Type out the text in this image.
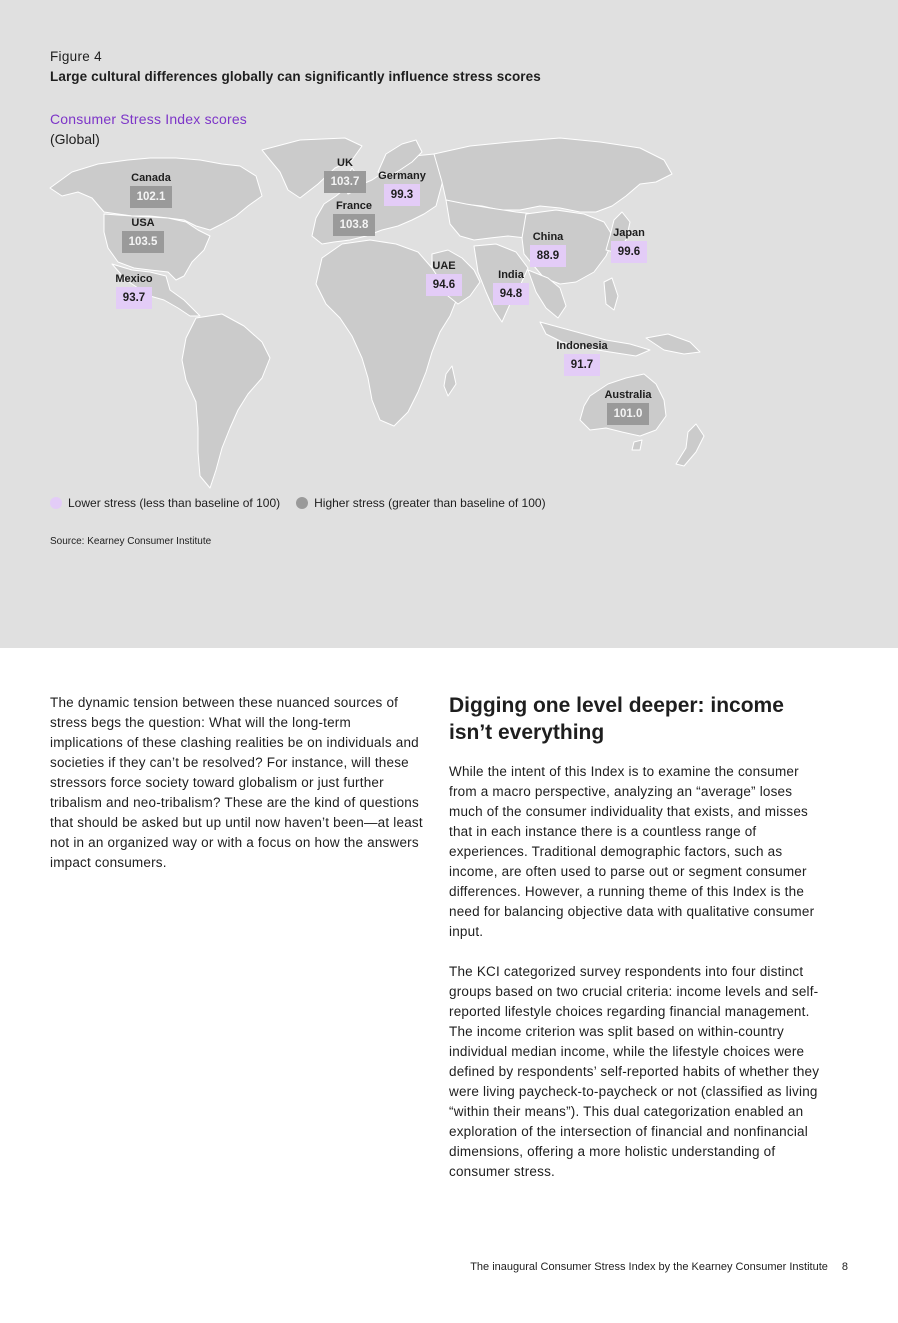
Figure 4
Large cultural differences globally can significantly influence stress scores
Consumer Stress Index scores
(Global)
Canada
102.1
USA
103.5
Mexico
93.7
UK
103.7
France
103.8
Germany
99.3
UAE
94.6
India
94.8
China
88.9
Japan
99.6
Indonesia
91.7
Australia
101.0
Lower stress (less than baseline of 100)	Higher stress (greater than baseline of 100)
Source: Kearney Consumer Institute
The dynamic tension between these nuanced sources of stress begs the question: What will the long-term implications of these clashing realities be on individuals and societies if they can’t be resolved? For instance, will these stressors force society toward globalism or just further tribalism and neo-tribalism? These are the kind of questions that should be asked but up until now haven’t been—at least not in an organized way or with a focus on how the answers impact consumers.
Digging one level deeper: income isn’t everything

While the intent of this Index is to examine the consumer from a macro perspective, analyzing an “average” loses much of the consumer individuality that exists, and misses that in each instance there is a countless range of experiences. Traditional demographic factors, such as income, are often used to parse out or segment consumer differences. However, a running theme of this Index is the need for balancing objective data with qualitative consumer input.

The KCI categorized survey respondents into four distinct groups based on two crucial criteria: income levels and self-reported lifestyle choices regarding financial management. The income criterion was split based on within-country individual median income, while the lifestyle choices were defined by respondents’ self-reported habits of whether they were living paycheck-to-paycheck or not (classified as living “within their means”). This dual categorization enabled an exploration of the intersection of financial and nonfinancial dimensions, offering a more holistic understanding of consumer stress.

The inaugural Consumer Stress Index by the Kearney Consumer Institute 8
